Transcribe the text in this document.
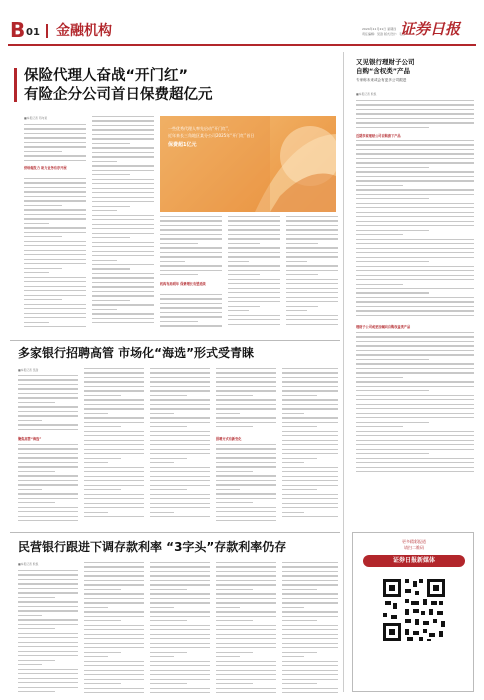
B 01 金融机构	2024年11月21日 星期四
责任编辑：吴澍 版式设计：毛杰
证券日报
保险代理人奋战“开门红”
有险企分公司首日保费超亿元
■本报记者 苏向杲
供给端发力 助力业务有序开展
一些优秀代理人率先启动“开门红”，
近年来长三角地区某分公司2025年“开门红”首日
保费超1亿元
机构布局明年 保费增长有望延续
又见银行理财子公司
自购“含权类”产品
专家称未来或会有更多公司跟进
■本报记者 熊悦
近期多家理财公司自购旗下产品
理财子公司或更加倾向自购权益类产品
更多精彩报道
请扫二维码
证券日报新媒体
多家银行招聘高管 市场化“海选”形式受青睐
■本报记者 吴澍
聚焦高管“海选”	招聘方式有新变化
民营银行跟进下调存款利率 “3字头”存款利率仍存
■本报记者 熊悦
